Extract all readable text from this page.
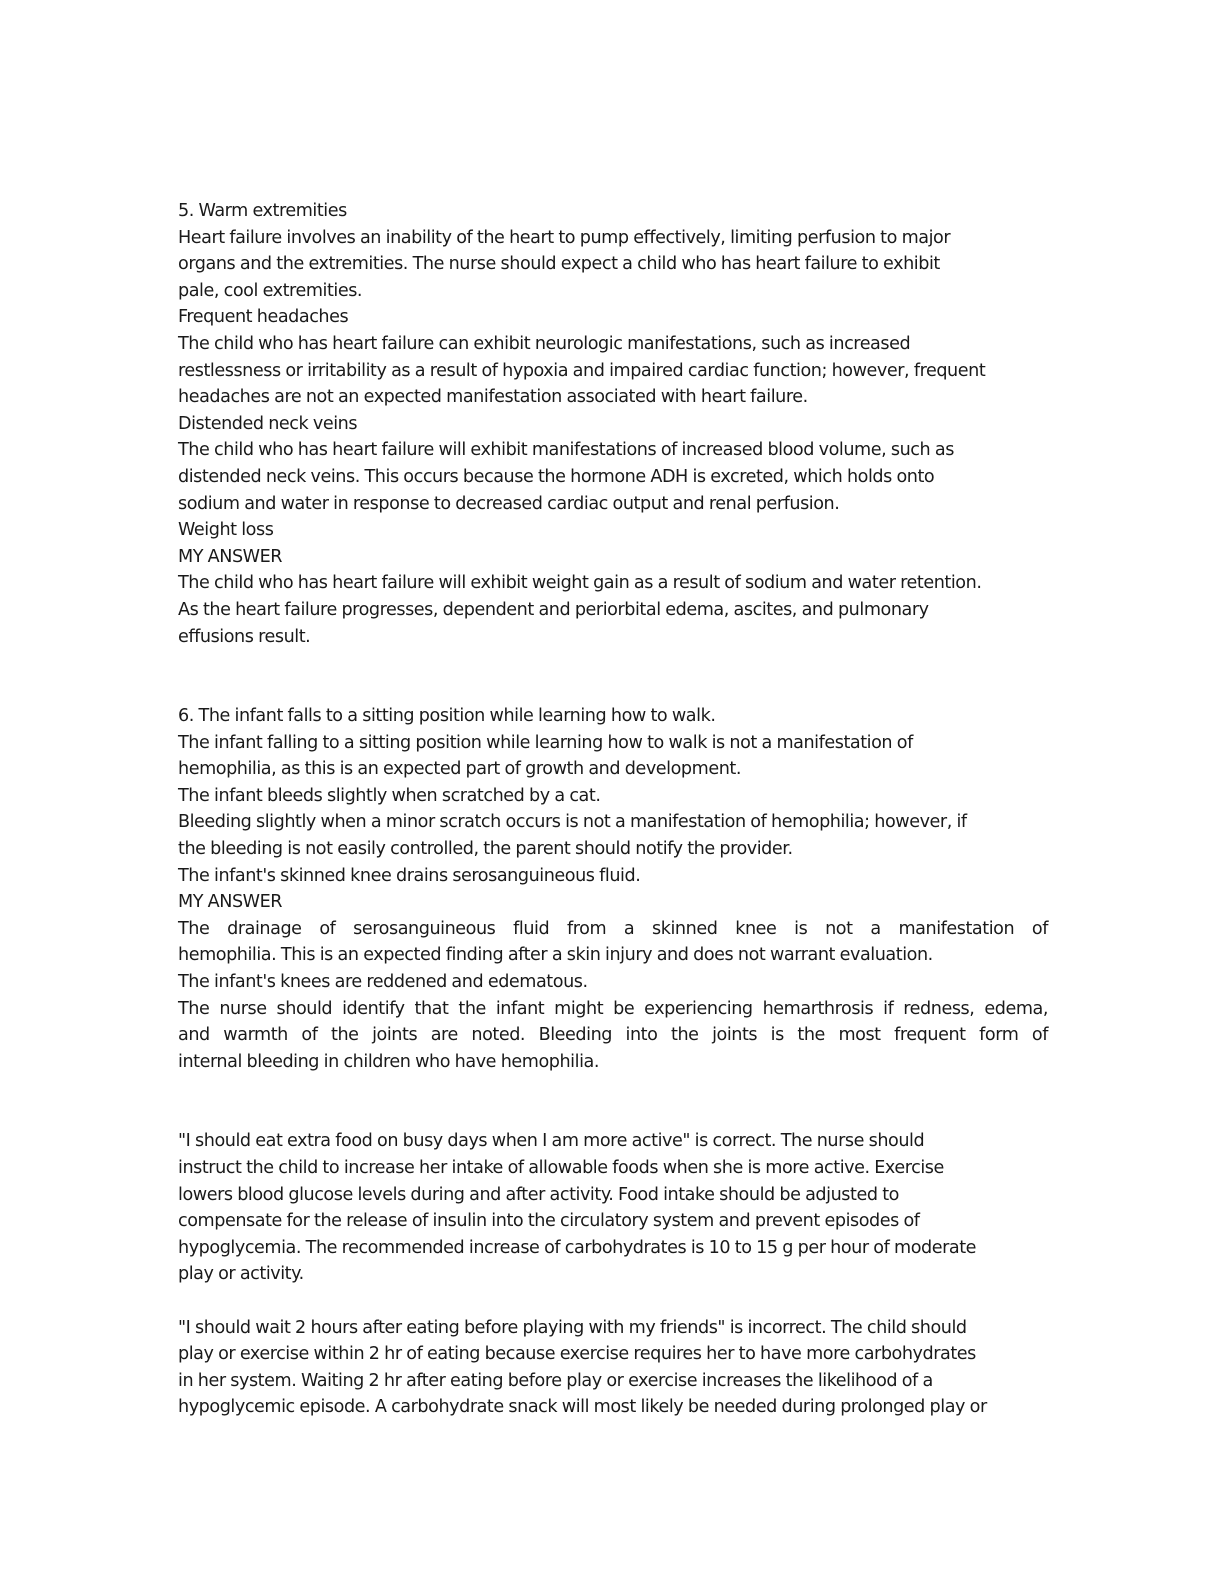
5. Warm extremities
Heart failure involves an inability of the heart to pump effectively, limiting perfusion to major
organs and the extremities. The nurse should expect a child who has heart failure to exhibit
pale, cool extremities.
Frequent headaches
The child who has heart failure can exhibit neurologic manifestations, such as increased
restlessness or irritability as a result of hypoxia and impaired cardiac function; however, frequent
headaches are not an expected manifestation associated with heart failure.
Distended neck veins
The child who has heart failure will exhibit manifestations of increased blood volume, such as
distended neck veins. This occurs because the hormone ADH is excreted, which holds onto
sodium and water in response to decreased cardiac output and renal perfusion.
Weight loss
MY ANSWER
The child who has heart failure will exhibit weight gain as a result of sodium and water retention.
As the heart failure progresses, dependent and periorbital edema, ascites, and pulmonary
effusions result.
6. The infant falls to a sitting position while learning how to walk.
The infant falling to a sitting position while learning how to walk is not a manifestation of
hemophilia, as this is an expected part of growth and development.
The infant bleeds slightly when scratched by a cat.
Bleeding slightly when a minor scratch occurs is not a manifestation of hemophilia; however, if
the bleeding is not easily controlled, the parent should notify the provider.
The infant's skinned knee drains serosanguineous fluid.
MY ANSWER
The drainage of serosanguineous fluid from a skinned knee is not a manifestation of
hemophilia. This is an expected finding after a skin injury and does not warrant evaluation.
The infant's knees are reddened and edematous.
The nurse should identify that the infant might be experiencing hemarthrosis if redness, edema,
and warmth of the joints are noted. Bleeding into the joints is the most frequent form of
internal bleeding in children who have hemophilia.
"I should eat extra food on busy days when I am more active" is correct. The nurse should
instruct the child to increase her intake of allowable foods when she is more active. Exercise
lowers blood glucose levels during and after activity. Food intake should be adjusted to
compensate for the release of insulin into the circulatory system and prevent episodes of
hypoglycemia. The recommended increase of carbohydrates is 10 to 15 g per hour of moderate
play or activity.
"I should wait 2 hours after eating before playing with my friends" is incorrect. The child should
play or exercise within 2 hr of eating because exercise requires her to have more carbohydrates
in her system. Waiting 2 hr after eating before play or exercise increases the likelihood of a
hypoglycemic episode. A carbohydrate snack will most likely be needed during prolonged play or
